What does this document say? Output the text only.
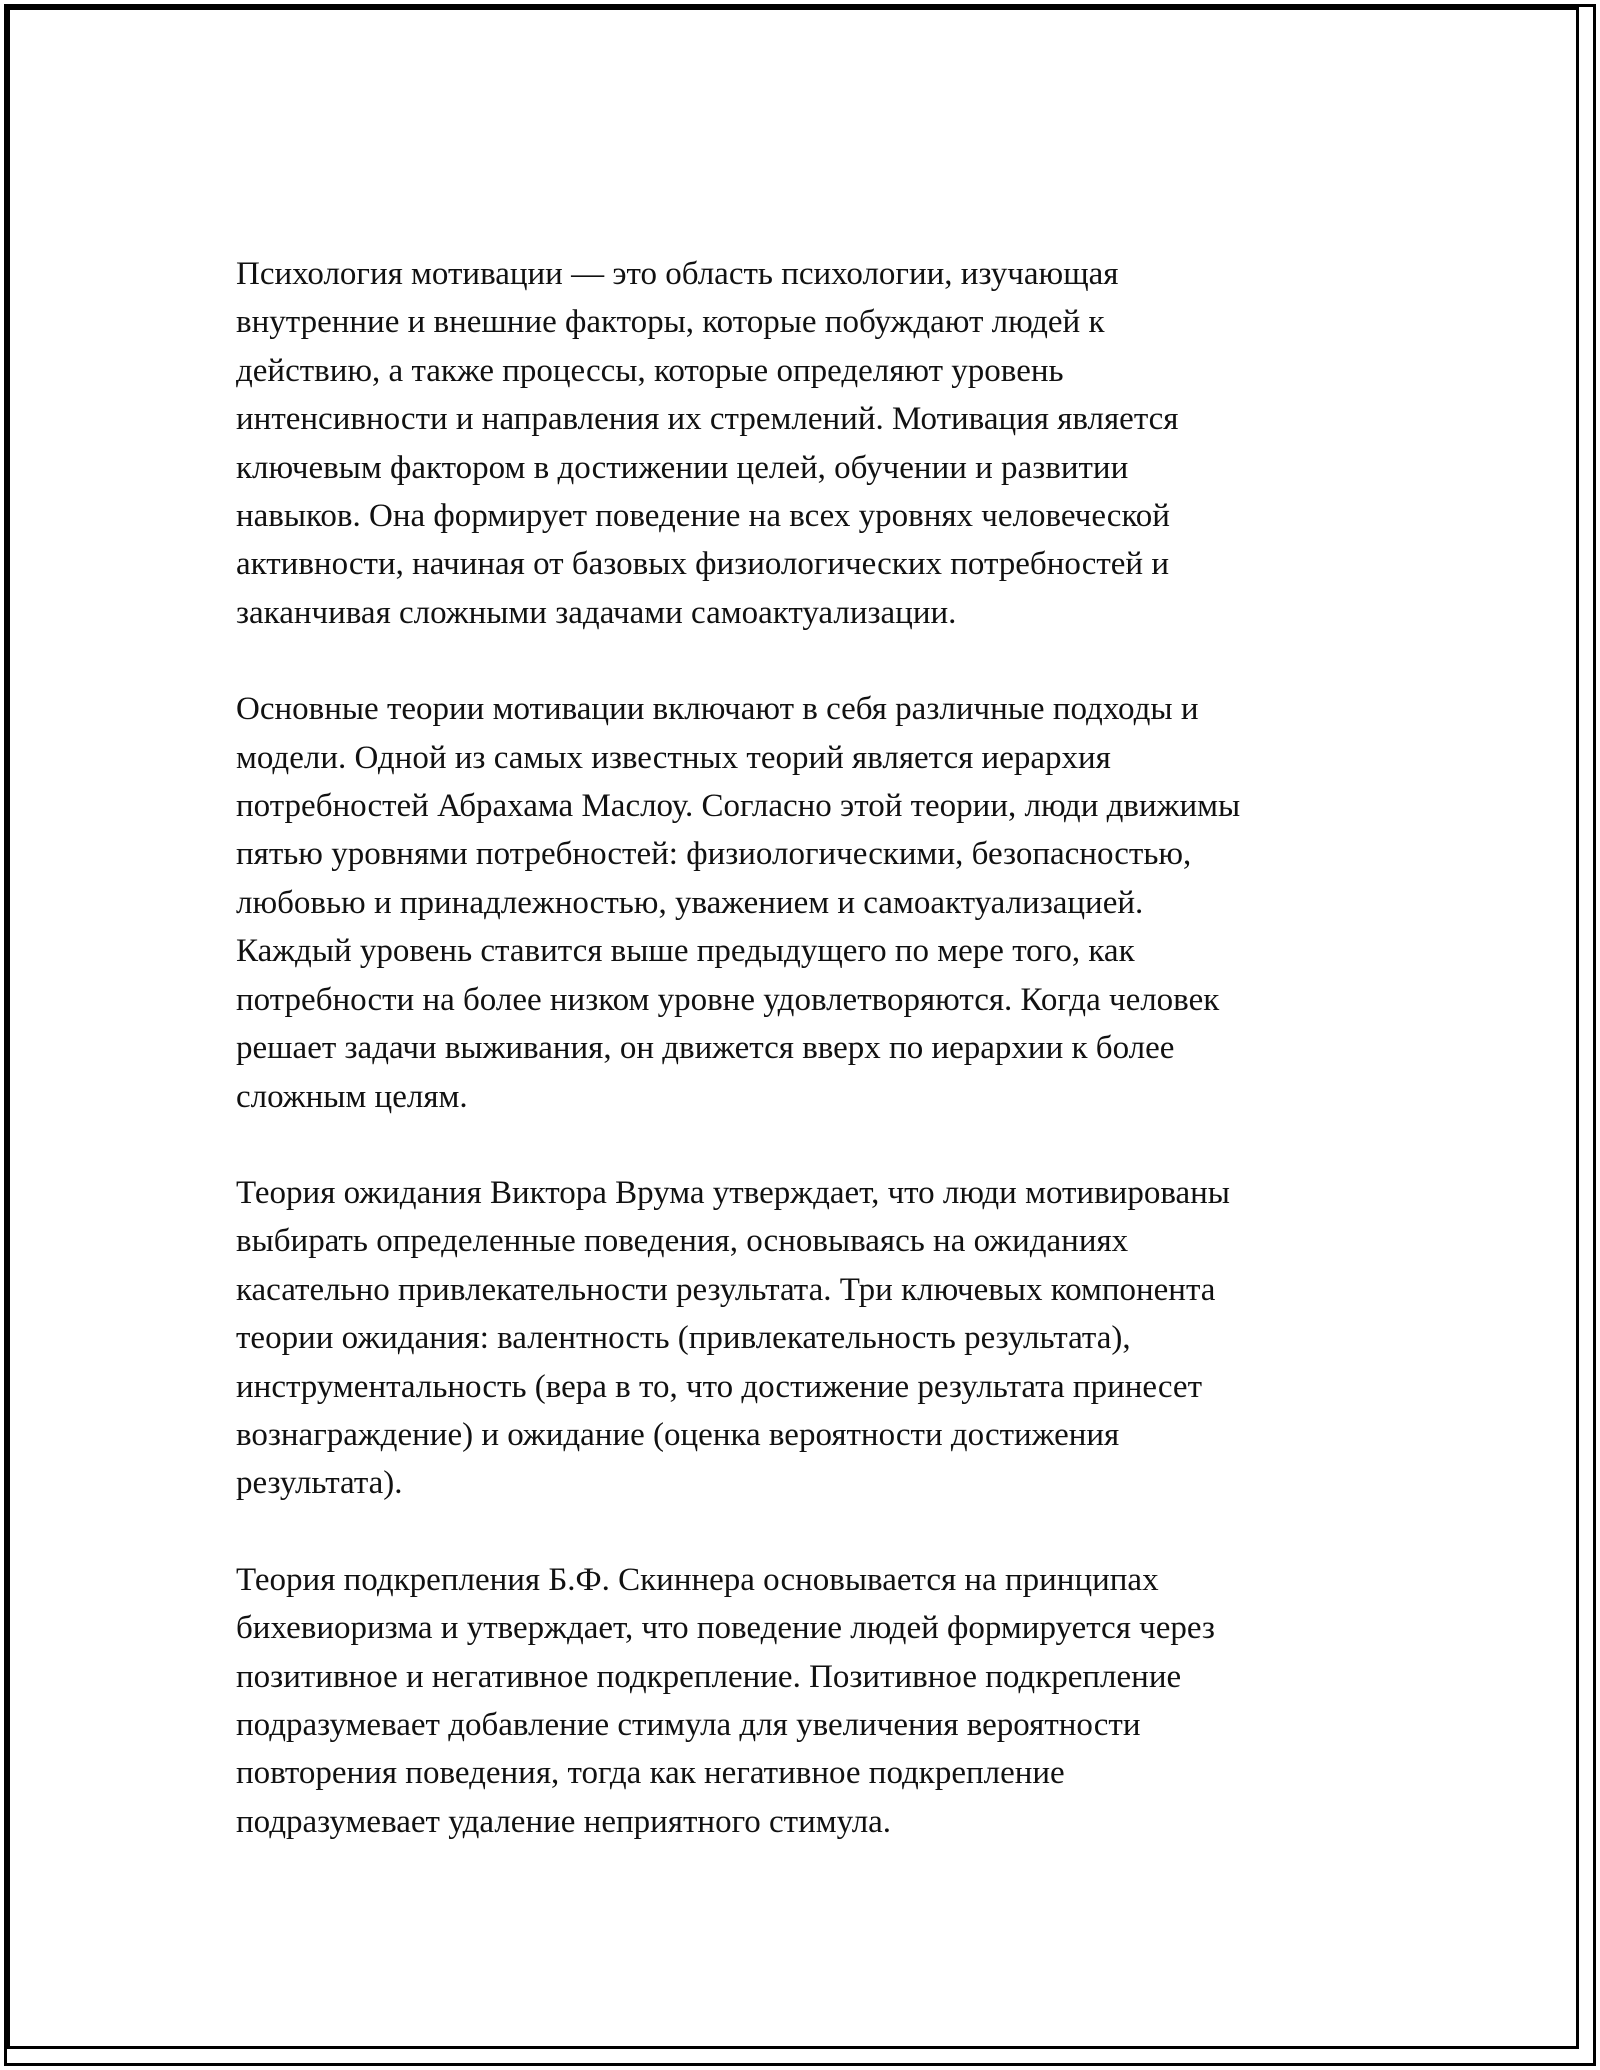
Психология мотивации — это область психологии, изучающая
внутренние и внешние факторы, которые побуждают людей к
действию, а также процессы, которые определяют уровень
интенсивности и направления их стремлений. Мотивация является
ключевым фактором в достижении целей, обучении и развитии
навыков. Она формирует поведение на всех уровнях человеческой
активности, начиная от базовых физиологических потребностей и
заканчивая сложными задачами самоактуализации.

Основные теории мотивации включают в себя различные подходы и
модели. Одной из самых известных теорий является иерархия
потребностей Абрахама Маслоу. Согласно этой теории, люди движимы
пятью уровнями потребностей: физиологическими, безопасностью,
любовью и принадлежностью, уважением и самоактуализацией.
Каждый уровень ставится выше предыдущего по мере того, как
потребности на более низком уровне удовлетворяются. Когда человек
решает задачи выживания, он движется вверх по иерархии к более
сложным целям.

Теория ожидания Виктора Врума утверждает, что люди мотивированы
выбирать определенные поведения, основываясь на ожиданиях
касательно привлекательности результата. Три ключевых компонента
теории ожидания: валентность (привлекательность результата),
инструментальность (вера в то, что достижение результата принесет
вознаграждение) и ожидание (оценка вероятности достижения
результата).

Теория подкрепления Б.Ф. Скиннера основывается на принципах
бихевиоризма и утверждает, что поведение людей формируется через
позитивное и негативное подкрепление. Позитивное подкрепление
подразумевает добавление стимула для увеличения вероятности
повторения поведения, тогда как негативное подкрепление
подразумевает удаление неприятного стимула.
